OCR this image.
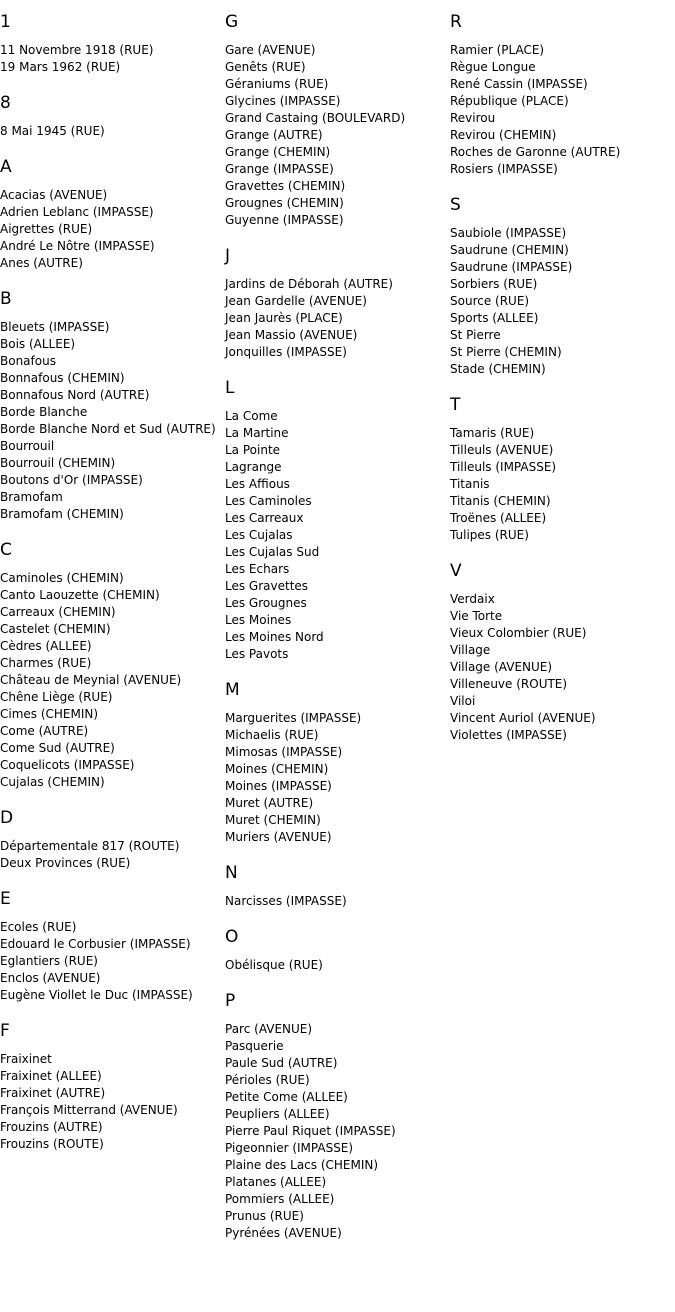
1
11 Novembre 1918 (RUE)
19 Mars 1962 (RUE)
8
8 Mai 1945 (RUE)
A
Acacias (AVENUE)
Adrien Leblanc (IMPASSE)
Aigrettes (RUE)
André Le Nôtre (IMPASSE)
Anes (AUTRE)
B
Bleuets (IMPASSE)
Bois (ALLEE)
Bonafous
Bonnafous (CHEMIN)
Bonnafous Nord (AUTRE)
Borde Blanche
Borde Blanche Nord et Sud (AUTRE)
Bourrouil
Bourrouil (CHEMIN)
Boutons d'Or (IMPASSE)
Bramofam
Bramofam (CHEMIN)
C
Caminoles (CHEMIN)
Canto Laouzette (CHEMIN)
Carreaux (CHEMIN)
Castelet (CHEMIN)
Cèdres (ALLEE)
Charmes (RUE)
Château de Meynial (AVENUE)
Chêne Liège (RUE)
Cimes (CHEMIN)
Come (AUTRE)
Come Sud (AUTRE)
Coquelicots (IMPASSE)
Cujalas (CHEMIN)
D
Départementale 817 (ROUTE)
Deux Provinces (RUE)
E
Ecoles (RUE)
Edouard le Corbusier (IMPASSE)
Eglantiers (RUE)
Enclos (AVENUE)
Eugène Viollet le Duc (IMPASSE)
F
Fraixinet
Fraixinet (ALLEE)
Fraixinet (AUTRE)
François Mitterrand (AVENUE)
Frouzins (AUTRE)
Frouzins (ROUTE)
G
Gare (AVENUE)
Genêts (RUE)
Géraniums (RUE)
Glycines (IMPASSE)
Grand Castaing (BOULEVARD)
Grange (AUTRE)
Grange (CHEMIN)
Grange (IMPASSE)
Gravettes (CHEMIN)
Grougnes (CHEMIN)
Guyenne (IMPASSE)
J
Jardins de Déborah (AUTRE)
Jean Gardelle (AVENUE)
Jean Jaurès (PLACE)
Jean Massio (AVENUE)
Jonquilles (IMPASSE)
L
La Come
La Martine
La Pointe
Lagrange
Les Affious
Les Caminoles
Les Carreaux
Les Cujalas
Les Cujalas Sud
Les Echars
Les Gravettes
Les Grougnes
Les Moines
Les Moines Nord
Les Pavots
M
Marguerites (IMPASSE)
Michaelis (RUE)
Mimosas (IMPASSE)
Moines (CHEMIN)
Moines (IMPASSE)
Muret (AUTRE)
Muret (CHEMIN)
Muriers (AVENUE)
N
Narcisses (IMPASSE)
O
Obélisque (RUE)
P
Parc (AVENUE)
Pasquerie
Paule Sud (AUTRE)
Périoles (RUE)
Petite Come (ALLEE)
Peupliers (ALLEE)
Pierre Paul Riquet (IMPASSE)
Pigeonnier (IMPASSE)
Plaine des Lacs (CHEMIN)
Platanes (ALLEE)
Pommiers (ALLEE)
Prunus (RUE)
Pyrénées (AVENUE)
R
Ramier (PLACE)
Règue Longue
René Cassin (IMPASSE)
République (PLACE)
Revirou
Revirou (CHEMIN)
Roches de Garonne (AUTRE)
Rosiers (IMPASSE)
S
Saubiole (IMPASSE)
Saudrune (CHEMIN)
Saudrune (IMPASSE)
Sorbiers (RUE)
Source (RUE)
Sports (ALLEE)
St Pierre
St Pierre (CHEMIN)
Stade (CHEMIN)
T
Tamaris (RUE)
Tilleuls (AVENUE)
Tilleuls (IMPASSE)
Titanis
Titanis (CHEMIN)
Troënes (ALLEE)
Tulipes (RUE)
V
Verdaix
Vie Torte
Vieux Colombier (RUE)
Village
Village (AVENUE)
Villeneuve (ROUTE)
Viloi
Vincent Auriol (AVENUE)
Violettes (IMPASSE)
